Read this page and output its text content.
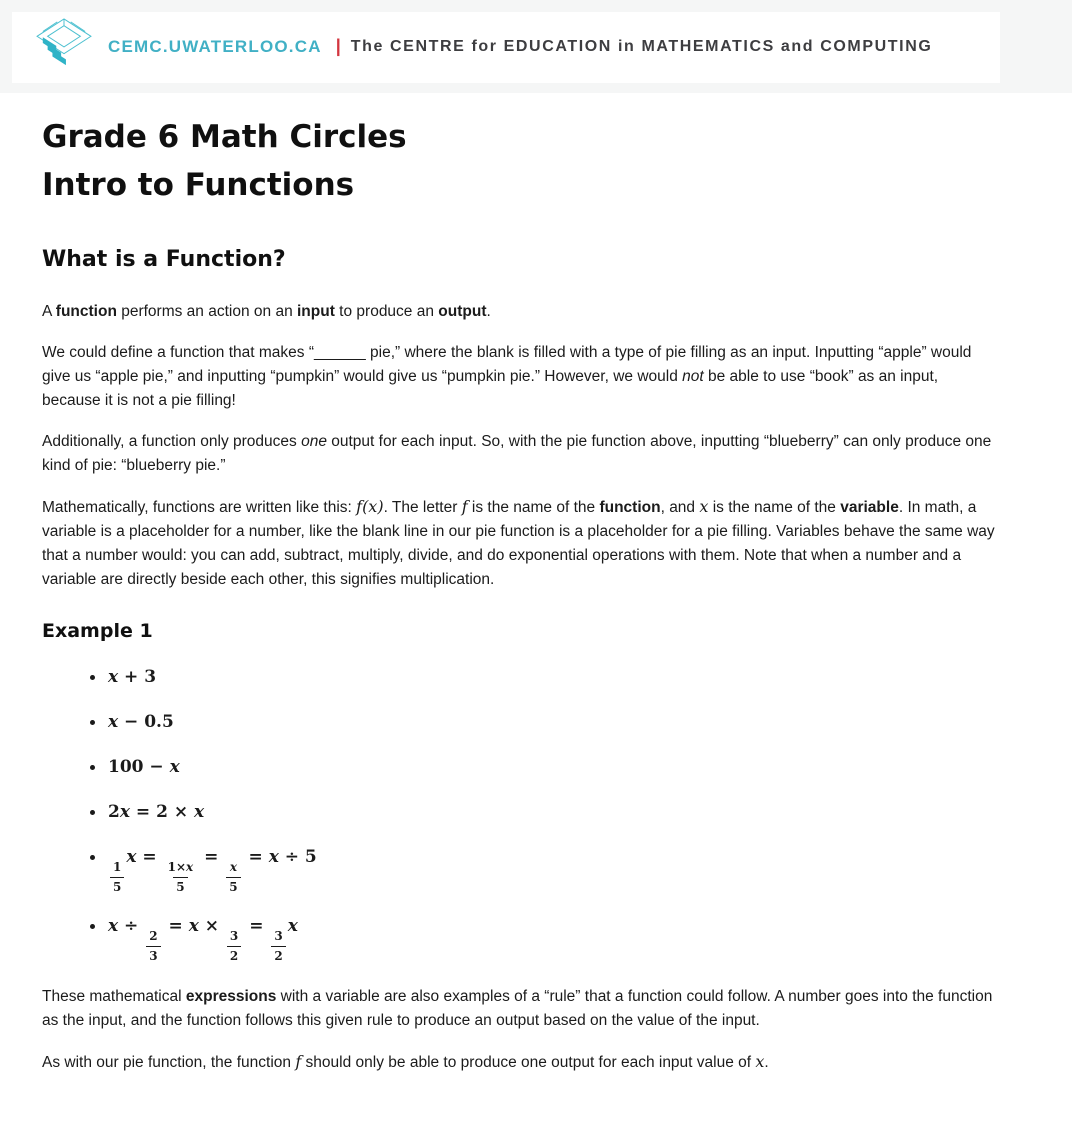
CEMC.UWATERLOO.CA | The CENTRE for EDUCATION in MATHEMATICS and COMPUTING
Grade 6 Math Circles
Intro to Functions
What is a Function?

A function performs an action on an input to produce an output.

We could define a function that makes “______ pie,” where the blank is filled with a type of pie filling as an input. Inputting “apple” would give us “apple pie,” and inputting “pumpkin” would give us “pumpkin pie.” However, we would not be able to use “book” as an input, because it is not a pie filling!

Additionally, a function only produces one output for each input. So, with the pie function above, inputting “blueberry” can only produce one kind of pie: “blueberry pie.”

Mathematically, functions are written like this: f(x). The letter f is the name of the function, and x is the name of the variable. In math, a variable is a placeholder for a number, like the blank line in our pie function is a placeholder for a pie filling. Variables behave the same way that a number would: you can add, subtract, multiply, divide, and do exponential operations with them. Note that when a number and a variable are directly beside each other, this signifies multiplication.

Example 1
x + 3
x − 0.5
100 − x
2x = 2 × x
$\frac{1}{5}$
x =
$\frac{1\times x}{5}$
=
$\frac{x}{5}$
= x ÷ 5
x ÷
$\frac{2}{3}$
= x ×
$\frac{3}{2}$
=
$\frac{3}{2}$
x

These mathematical expressions with a variable are also examples of a “rule” that a function could follow. A number goes into the function as the input, and the function follows this given rule to produce an output based on the value of the input.

As with our pie function, the function f should only be able to produce one output for each input value of x.
